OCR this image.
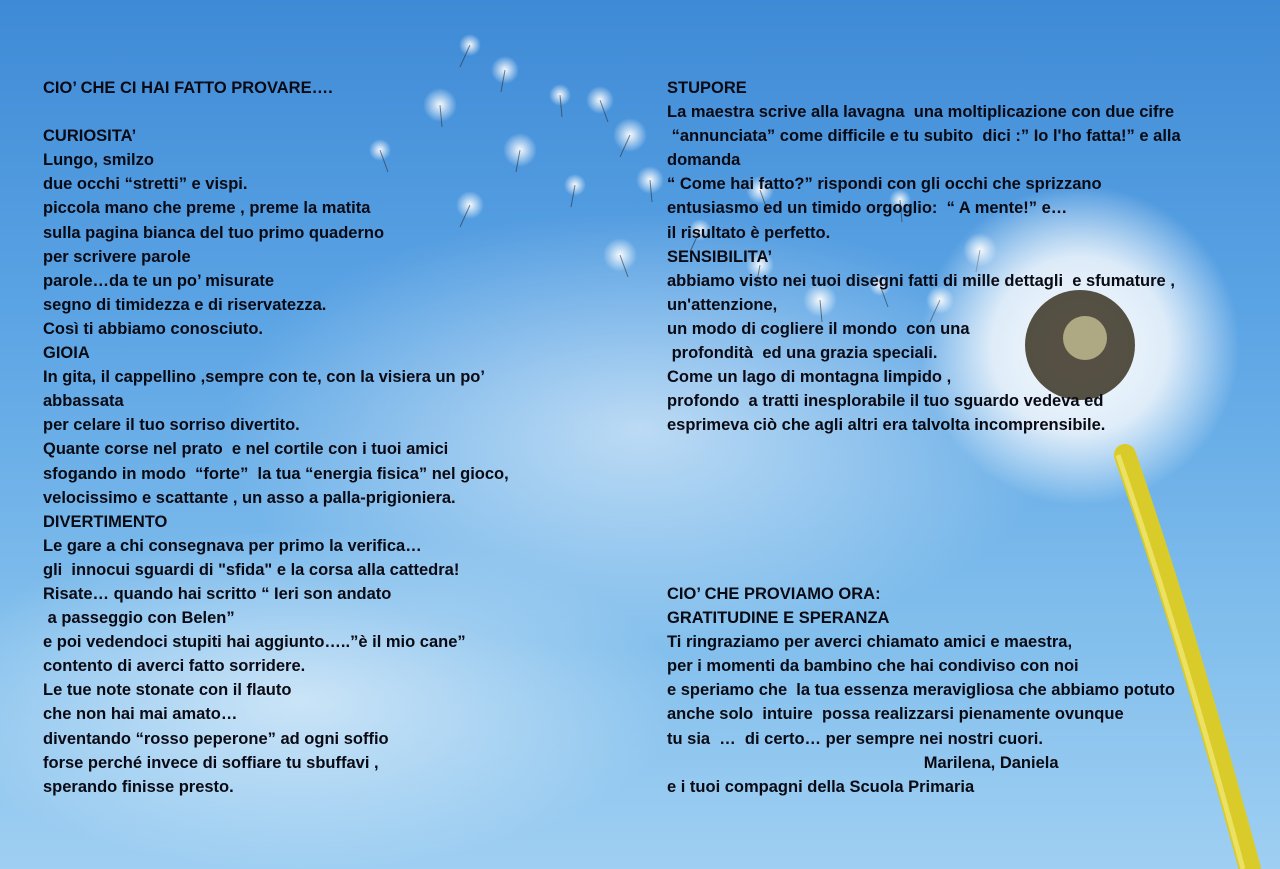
CIO’ CHE CI HAI FATTO PROVARE….
CURIOSITA’
Lungo, smilzo
due occhi “stretti” e vispi.
piccola mano che preme , preme la matita
sulla pagina bianca del tuo primo quaderno
per scrivere parole
parole…da te un po’ misurate
segno di timidezza e di riservatezza.
Così ti abbiamo conosciuto.
GIOIA
In gita, il cappellino ,sempre con te, con la visiera un po’
abbassata
per celare il tuo sorriso divertito.
Quante corse nel prato  e nel cortile con i tuoi amici
sfogando in modo  “forte”  la tua “energia fisica” nel gioco,
velocissimo e scattante , un asso a palla-prigioniera.
DIVERTIMENTO
Le gare a chi consegnava per primo la verifica…
gli  innocui sguardi di "sfida" e la corsa alla cattedra!
Risate… quando hai scritto “ Ieri son andato
a passeggio con Belen”
e poi vedendoci stupiti hai aggiunto…..”è il mio cane”
contento di averci fatto sorridere.
Le tue note stonate con il flauto
che non hai mai amato…
diventando “rosso peperone” ad ogni soffio
forse perché invece di soffiare tu sbuffavi ,
sperando finisse presto.
STUPORE
La maestra scrive alla lavagna  una moltiplicazione con due cifre
“annunciata” come difficile e tu subito  dici :” Io l'ho fatta!” e alla
domanda
“ Come hai fatto?” rispondi con gli occhi che sprizzano
entusiasmo ed un timido orgoglio:  “ A mente!” e…
il risultato è perfetto.
SENSIBILITA’
abbiamo visto nei tuoi disegni fatti di mille dettagli  e sfumature ,
un'attenzione,
un modo di cogliere il mondo  con una
profondità  ed una grazia speciali.
Come un lago di montagna limpido ,
profondo  a tratti inesplorabile il tuo sguardo vedeva ed
esprimeva ciò che agli altri era talvolta incomprensibile.
CIO’ CHE PROVIAMO ORA:
GRATITUDINE E SPERANZA
Ti ringraziamo per averci chiamato amici e maestra,
per i momenti da bambino che hai condiviso con noi
e speriamo che  la tua essenza meravigliosa che abbiamo potuto
anche solo  intuire  possa realizzarsi pienamente ovunque
tu sia  …  di certo… per sempre nei nostri cuori.
Marilena, Daniela
e i tuoi compagni della Scuola Primaria
